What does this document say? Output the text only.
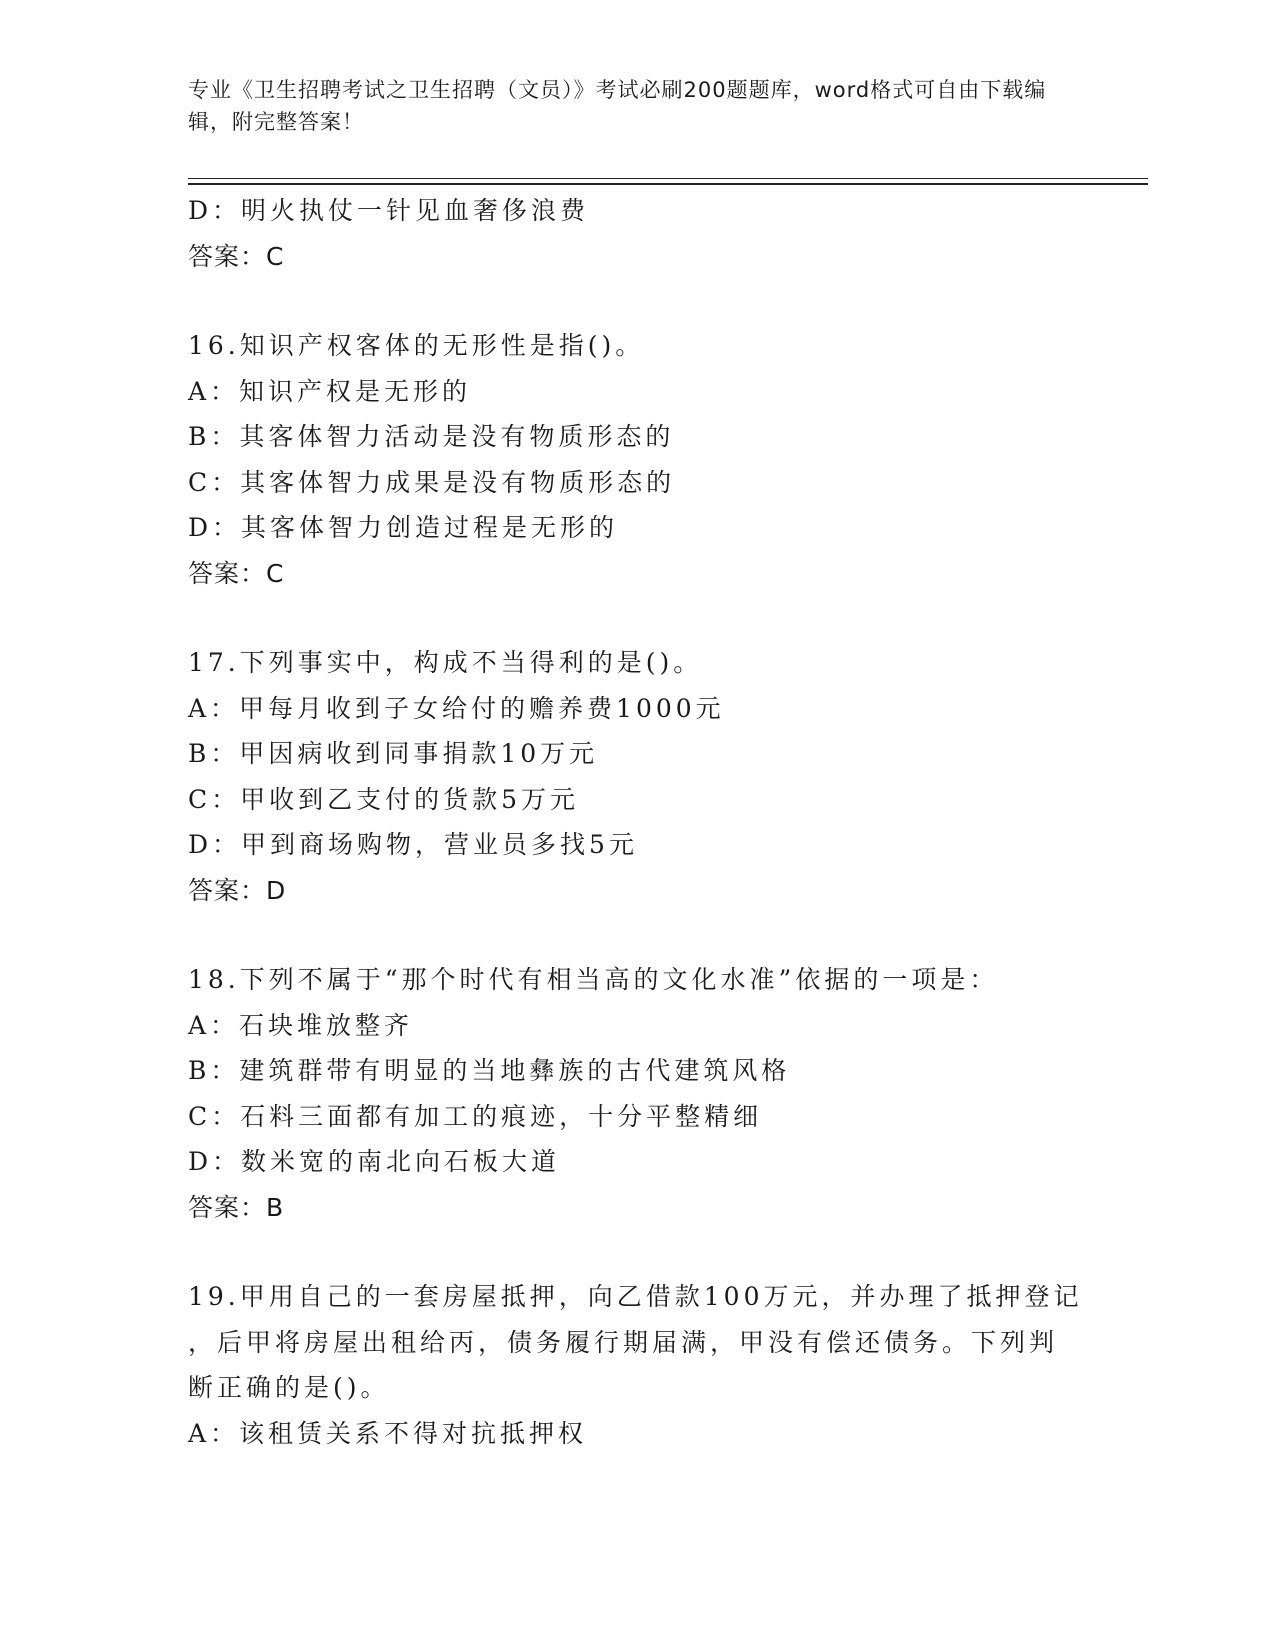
专业《卫生招聘考试之卫生招聘（文员）》考试必刷200题题库，word格式可自由下载编辑，附完整答案！
D：明火执仗一针见血奢侈浪费
答案：C
16.知识产权客体的无形性是指()。
A：知识产权是无形的
B：其客体智力活动是没有物质形态的
C：其客体智力成果是没有物质形态的
D：其客体智力创造过程是无形的
答案：C
17.下列事实中，构成不当得利的是()。
A：甲每月收到子女给付的赡养费1000元
B：甲因病收到同事捐款10万元
C：甲收到乙支付的货款5万元
D：甲到商场购物，营业员多找5元
答案：D
18.下列不属于“那个时代有相当高的文化水准”依据的一项是：
A：石块堆放整齐
B：建筑群带有明显的当地彝族的古代建筑风格
C：石料三面都有加工的痕迹，十分平整精细
D：数米宽的南北向石板大道
答案：B
19.甲用自己的一套房屋抵押，向乙借款100万元，并办理了抵押登记
，后甲将房屋出租给丙，债务履行期届满，甲没有偿还债务。下列判
断正确的是()。
A：该租赁关系不得对抗抵押权
